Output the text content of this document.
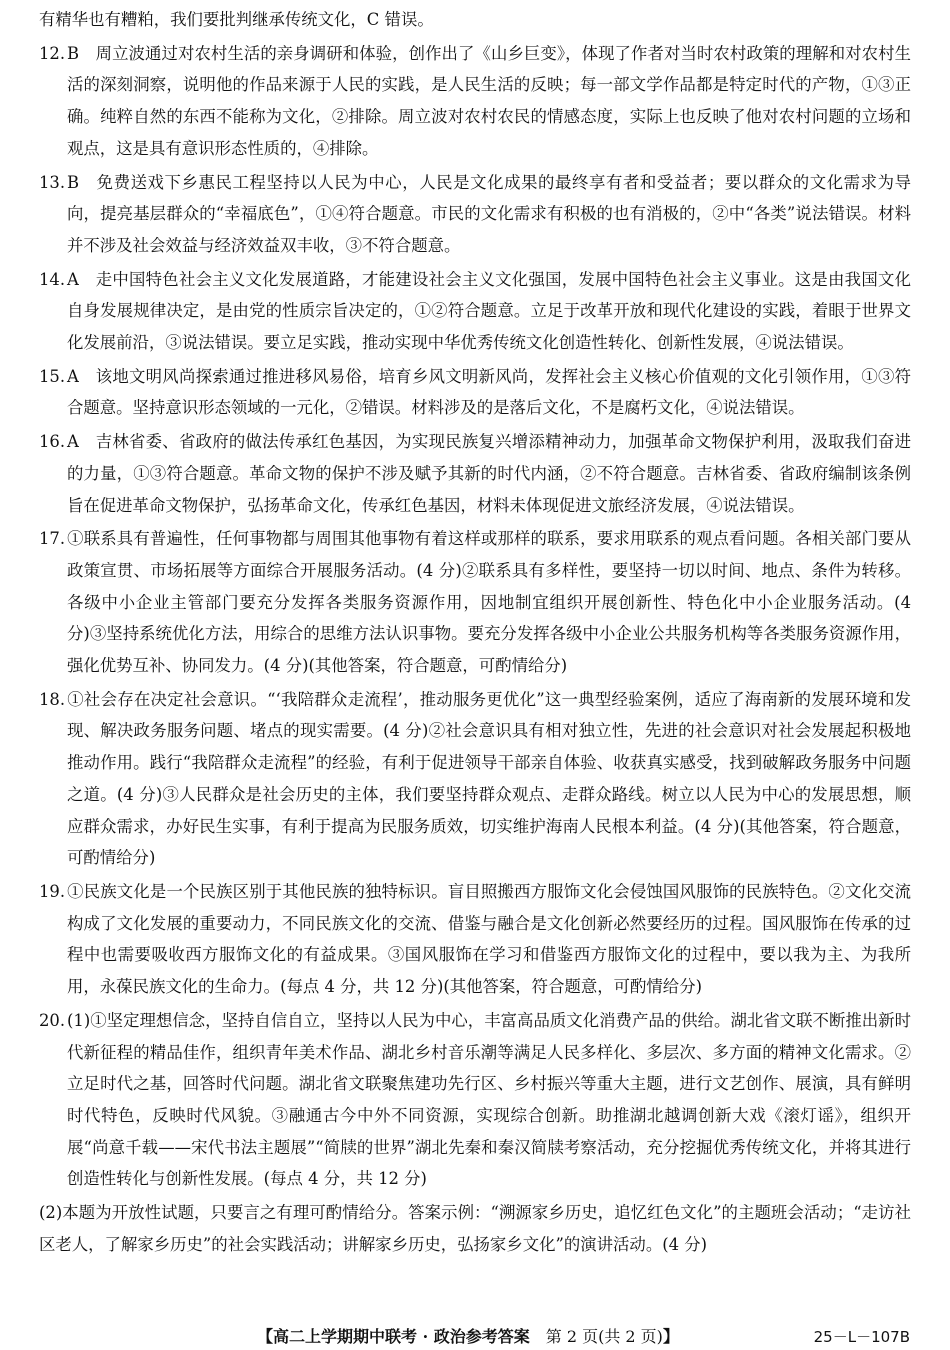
有精华也有糟粕，我们要批判继承传统文化，C 错误。

12. B　周立波通过对农村生活的亲身调研和体验，创作出了《山乡巨变》，体现了作者对当时农村政策的理解和对农村生活的深刻洞察，说明他的作品来源于人民的实践，是人民生活的反映；每一部文学作品都是特定时代的产物，①③正确。纯粹自然的东西不能称为文化，②排除。周立波对农村农民的情感态度，实际上也反映了他对农村问题的立场和观点，这是具有意识形态性质的，④排除。

13. B　免费送戏下乡惠民工程坚持以人民为中心，人民是文化成果的最终享有者和受益者；要以群众的文化需求为导向，提亮基层群众的“幸福底色”，①④符合题意。市民的文化需求有积极的也有消极的，②中“各类”说法错误。材料并不涉及社会效益与经济效益双丰收，③不符合题意。

14. A　走中国特色社会主义文化发展道路，才能建设社会主义文化强国，发展中国特色社会主义事业。这是由我国文化自身发展规律决定，是由党的性质宗旨决定的，①②符合题意。立足于改革开放和现代化建设的实践，着眼于世界文化发展前沿，③说法错误。要立足实践，推动实现中华优秀传统文化创造性转化、创新性发展，④说法错误。

15. A　该地文明风尚探索通过推进移风易俗，培育乡风文明新风尚，发挥社会主义核心价值观的文化引领作用，①③符合题意。坚持意识形态领域的一元化，②错误。材料涉及的是落后文化，不是腐朽文化，④说法错误。

16. A　吉林省委、省政府的做法传承红色基因，为实现民族复兴增添精神动力，加强革命文物保护利用，汲取我们奋进的力量，①③符合题意。革命文物的保护不涉及赋予其新的时代内涵，②不符合题意。吉林省委、省政府编制该条例旨在促进革命文物保护，弘扬革命文化，传承红色基因，材料未体现促进文旅经济发展，④说法错误。

17. ①联系具有普遍性，任何事物都与周围其他事物有着这样或那样的联系，要求用联系的观点看问题。各相关部门要从政策宣贯、市场拓展等方面综合开展服务活动。(4 分)②联系具有多样性，要坚持一切以时间、地点、条件为转移。各级中小企业主管部门要充分发挥各类服务资源作用，因地制宜组织开展创新性、特色化中小企业服务活动。(4 分)③坚持系统优化方法，用综合的思维方法认识事物。要充分发挥各级中小企业公共服务机构等各类服务资源作用，强化优势互补、协同发力。(4 分)(其他答案，符合题意，可酌情给分)

18. ①社会存在决定社会意识。“‘我陪群众走流程’，推动服务更优化”这一典型经验案例，适应了海南新的发展环境和发现、解决政务服务问题、堵点的现实需要。(4 分)②社会意识具有相对独立性，先进的社会意识对社会发展起积极地推动作用。践行“我陪群众走流程”的经验，有利于促进领导干部亲自体验、收获真实感受，找到破解政务服务中问题之道。(4 分)③人民群众是社会历史的主体，我们要坚持群众观点、走群众路线。树立以人民为中心的发展思想，顺应群众需求，办好民生实事，有利于提高为民服务质效，切实维护海南人民根本利益。(4 分)(其他答案，符合题意，可酌情给分)

19. ①民族文化是一个民族区别于其他民族的独特标识。盲目照搬西方服饰文化会侵蚀国风服饰的民族特色。②文化交流构成了文化发展的重要动力，不同民族文化的交流、借鉴与融合是文化创新必然要经历的过程。国风服饰在传承的过程中也需要吸收西方服饰文化的有益成果。③国风服饰在学习和借鉴西方服饰文化的过程中，要以我为主、为我所用，永葆民族文化的生命力。(每点 4 分，共 12 分)(其他答案，符合题意，可酌情给分)

20. (1)①坚定理想信念，坚持自信自立，坚持以人民为中心，丰富高品质文化消费产品的供给。湖北省文联不断推出新时代新征程的精品佳作，组织青年美术作品、湖北乡村音乐潮等满足人民多样化、多层次、多方面的精神文化需求。②立足时代之基，回答时代问题。湖北省文联聚焦建功先行区、乡村振兴等重大主题，进行文艺创作、展演，具有鲜明时代特色，反映时代风貌。③融通古今中外不同资源，实现综合创新。助推湖北越调创新大戏《滚灯谣》，组织开展“尚意千载——宋代书法主题展”“简牍的世界”湖北先秦和秦汉简牍考察活动，充分挖掘优秀传统文化，并将其进行创造性转化与创新性发展。(每点 4 分，共 12 分)

(2)本题为开放性试题，只要言之有理可酌情给分。答案示例：“溯源家乡历史，追忆红色文化”的主题班会活动；“走访社区老人，了解家乡历史”的社会实践活动；讲解家乡历史，弘扬家乡文化”的演讲活动。(4 分)

【高二上学期期中联考 · 政治参考答案　 第 2 页(共 2 页)】	25－L－107B
